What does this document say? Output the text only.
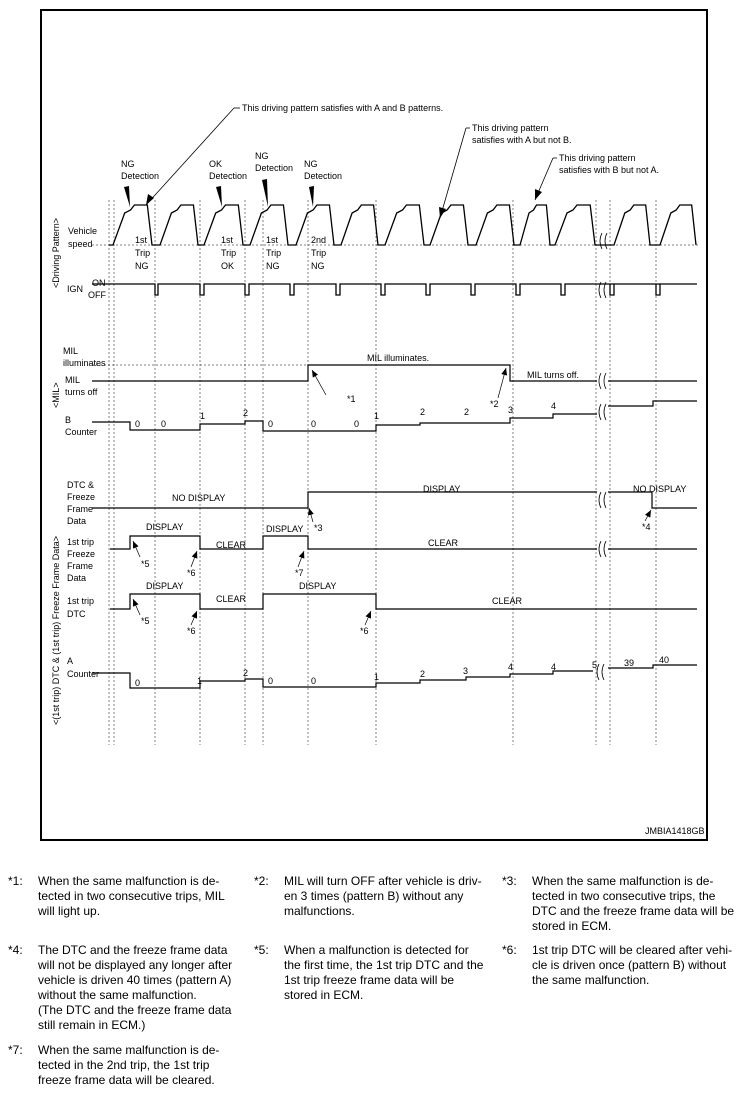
This driving pattern satisfies with A and B patterns.
This driving pattern satisfies with A but not B.
This driving pattern satisfies with B but not A.
NG
Detection
OK
Detection
NG
Detection NG
Detection
<Driving Pattern>
<MIL>
<(1st trip) DTC & (1st trip) Freeze Frame Data>
Vehicle
speed
IGN
ON
OFF
MIL
illuminates
MIL
turns off
B
Counter
DTC &
Freeze
Frame
Data
1st trip
Freeze
Frame
Data
1st trip
DTC
A
Counter
1st
Trip
NG
1st
Trip
OK
1st
Trip
NG
2nd
Trip
NG
MIL illuminates.
MIL turns off.
NO DISPLAY
DISPLAY	NO DISPLAY
DISPLAY
CLEAR
DISPLAY
CLEAR
DISPLAY
CLEAR
DISPLAY
CLEAR
0 0
1	2
0	0	0
1	2	2	3	4
0	1
2
0	0	1	2	3	4	4	5	39	40
*1	*2
*3	*4
*5
*6	*7
*5
*6	*6
JMBIA1418GB
*1:	When the same malfunction is de-
tected in two consecutive trips, MIL
will light up.
*2:	MIL will turn OFF after vehicle is driv-
en 3 times (pattern B) without any
malfunctions.
*3:	When the same malfunction is de-
tected in two consecutive trips, the
DTC and the freeze frame data will be
stored in ECM.
*4:	The DTC and the freeze frame data
will not be displayed any longer after
vehicle is driven 40 times (pattern A)
without the same malfunction.
(The DTC and the freeze frame data
still remain in ECM.)
*5:	When a malfunction is detected for
the first time, the 1st trip DTC and the
1st trip freeze frame data will be
stored in ECM.
*6:	1st trip DTC will be cleared after vehi-
cle is driven once (pattern B) without
the same malfunction.
*7:	When the same malfunction is de-
tected in the 2nd trip, the 1st trip
freeze frame data will be cleared.
